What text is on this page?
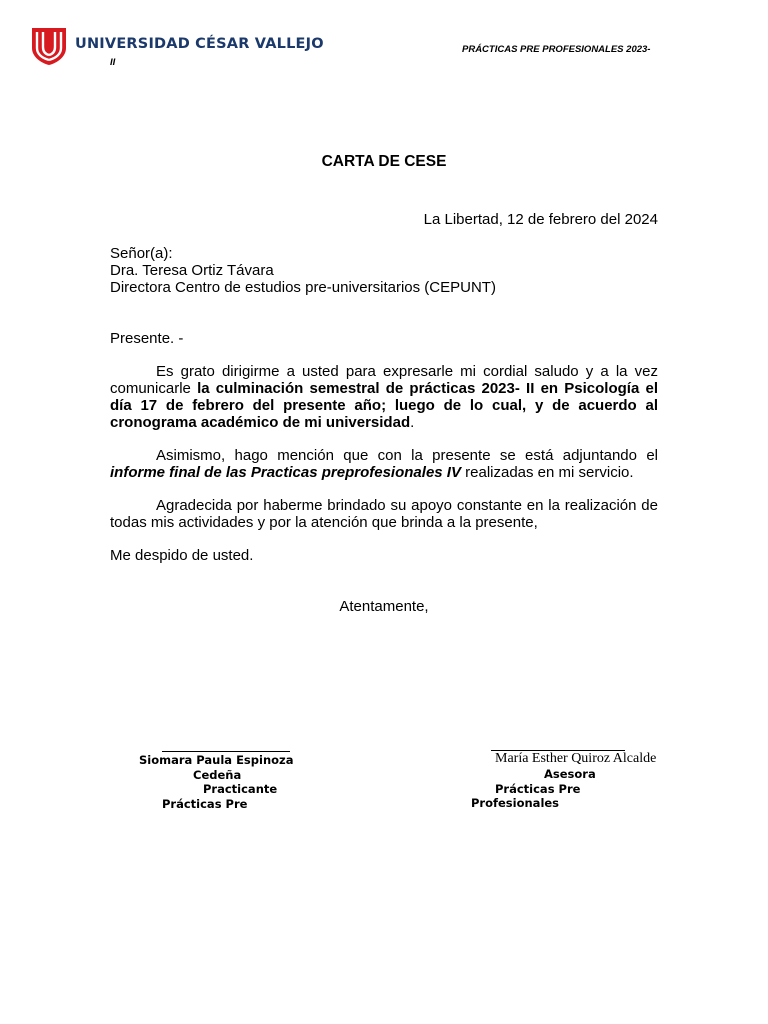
UNIVERSIDAD CÉSAR VALLEJO	PRÁCTICAS PRE PROFESIONALES 2023-
II
CARTA DE CESE
La Libertad, 12 de febrero del 2024
Señor(a):
Dra. Teresa Ortiz Távara
Directora Centro de estudios pre-universitarios (CEPUNT)
Presente. -
Es grato dirigirme a usted para expresarle mi cordial saludo y a la vez comunicarle la culminación semestral de prácticas 2023- II en Psicología el día 17 de febrero del presente año; luego de lo cual, y de acuerdo al cronograma académico de mi universidad.
Asimismo, hago mención que con la presente se está adjuntando el informe final de las Practicas preprofesionales IV realizadas en mi servicio.
Agradecida por haberme brindado su apoyo constante en la realización de todas mis actividades y por la atención que brinda a la presente,
Me despido de usted.
Atentamente,
Siomara Paula Espinoza
Cedeña
Practicante
Prácticas Pre
María Esther Quiroz Alcalde
Asesora
Prácticas Pre
Profesionales
